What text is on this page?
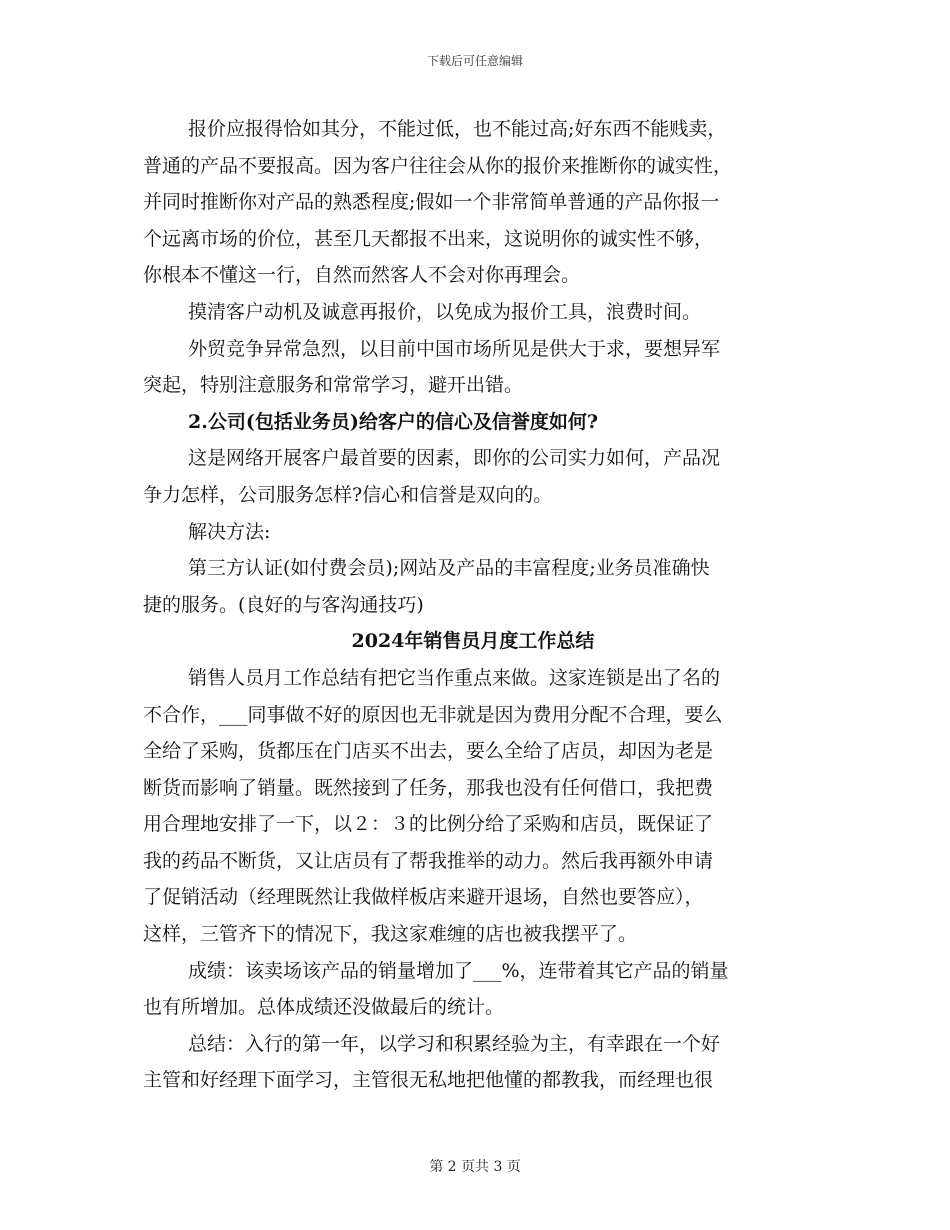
下载后可任意编辑
报价应报得恰如其分，不能过低，也不能过高;好东西不能贱卖，
普通的产品不要报高。因为客户往往会从你的报价来推断你的诚实性，
并同时推断你对产品的熟悉程度;假如一个非常简单普通的产品你报一
个远离市场的价位，甚至几天都报不出来，这说明你的诚实性不够，
你根本不懂这一行，自然而然客人不会对你再理会。
摸清客户动机及诚意再报价，以免成为报价工具，浪费时间。
外贸竞争异常急烈，以目前中国市场所见是供大于求，要想异军
突起，特别注意服务和常常学习，避开出错。
2.公司(包括业务员)给客户的信心及信誉度如何?
这是网络开展客户最首要的因素，即你的公司实力如何，产品况
争力怎样，公司服务怎样?信心和信誉是双向的。
解决方法:
第三方认证(如付费会员);网站及产品的丰富程度;业务员准确快
捷的服务。(良好的与客沟通技巧)
2024年销售员月度工作总结
销售人员月工作总结有把它当作重点来做。这家连锁是出了名的
不合作，___同事做不好的原因也无非就是因为费用分配不合理，要么
全给了采购，货都压在门店买不出去，要么全给了店员，却因为老是
断货而影响了销量。既然接到了任务，那我也没有任何借口，我把费
用合理地安排了一下，以２：３的比例分给了采购和店员，既保证了
我的药品不断货，又让店员有了帮我推举的动力。然后我再额外申请
了促销活动（经理既然让我做样板店来避开退场，自然也要答应），
这样，三管齐下的情况下，我这家难缠的店也被我摆平了。
成绩：该卖场该产品的销量增加了___%，连带着其它产品的销量
也有所增加。总体成绩还没做最后的统计。
总结：入行的第一年，以学习和积累经验为主，有幸跟在一个好
主管和好经理下面学习，主管很无私地把他懂的都教我，而经理也很
第 2 页共 3 页
